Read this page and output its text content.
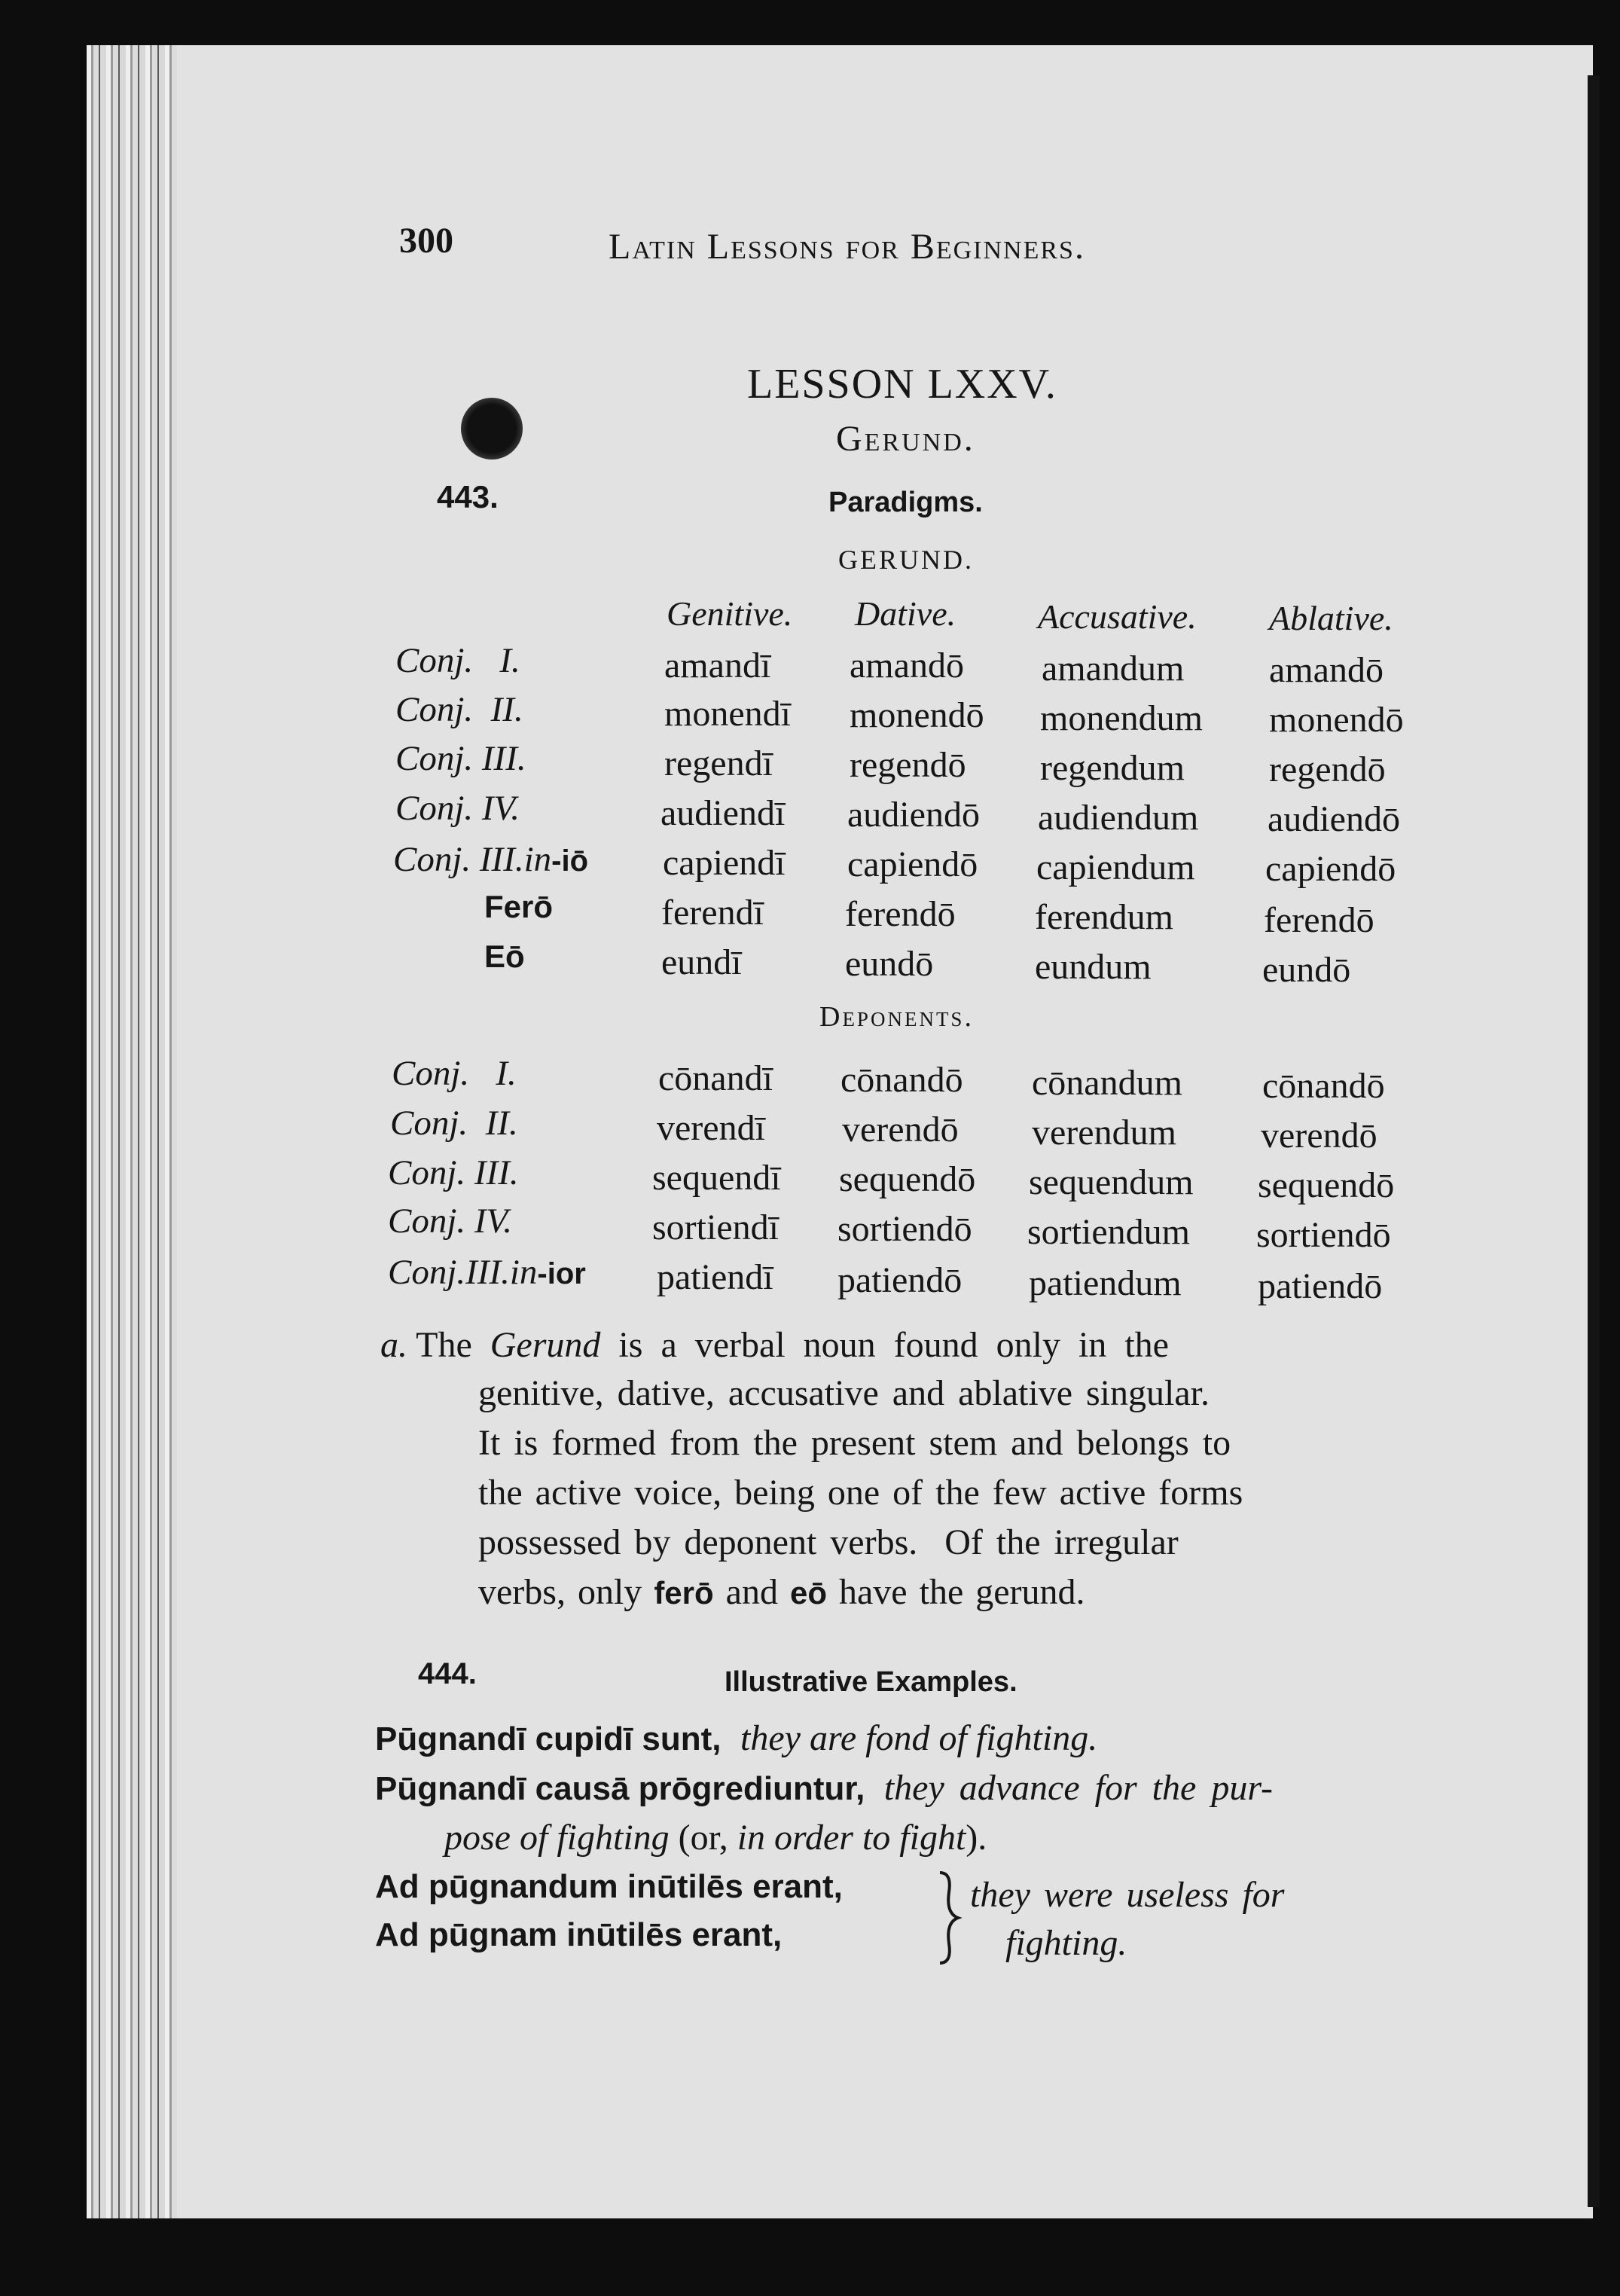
300	Latin Lessons for Beginners.
LESSON LXXV.
Gerund.
443.	Paradigms.
GERUND.
Genitive. Dative. Accusative. Ablative.
Conj.   I.	amandī amandō amandum amandō
Conj.  II.	monendī monendō monendum monendō
Conj. III.	regendī regendō regendum regendō
Conj. IV.	audiendī audiendō audiendum audiendō
Conj. III.in-iō capiendī capiendō capiendum capiendō
Ferō	ferendī ferendō ferendum	ferendō
Eō	eundī	eundō	eundum	eundō
Deponents.
Conj.   I.	cōnandī cōnandō cōnandum cōnandō
Conj.  II.	verendī verendō verendum verendō
Conj. III.	sequendī sequendō sequendum sequendō
Conj. IV.	sortiendī sortiendō sortiendum sortiendō
Conj.III.in-ior patiendī patiendō patiendum patiendō
a. The Gerund is a verbal noun found only in the
genitive, dative, accusative and ablative singular.
It is formed from the present stem and belongs to
the active voice, being one of the few active forms
possessed by deponent verbs.  Of the irregular
verbs, only ferō and eō have the gerund.
444.	Illustrative Examples.
Pūgnandī cupidī sunt, they are fond of fighting.
Pūgnandī causā prōgrediuntur, they advance for the pur-
pose of fighting (or, in order to fight).
Ad pūgnandum inūtilēs erant,
Ad pūgnam inūtilēs erant,
they were useless for
fighting.
